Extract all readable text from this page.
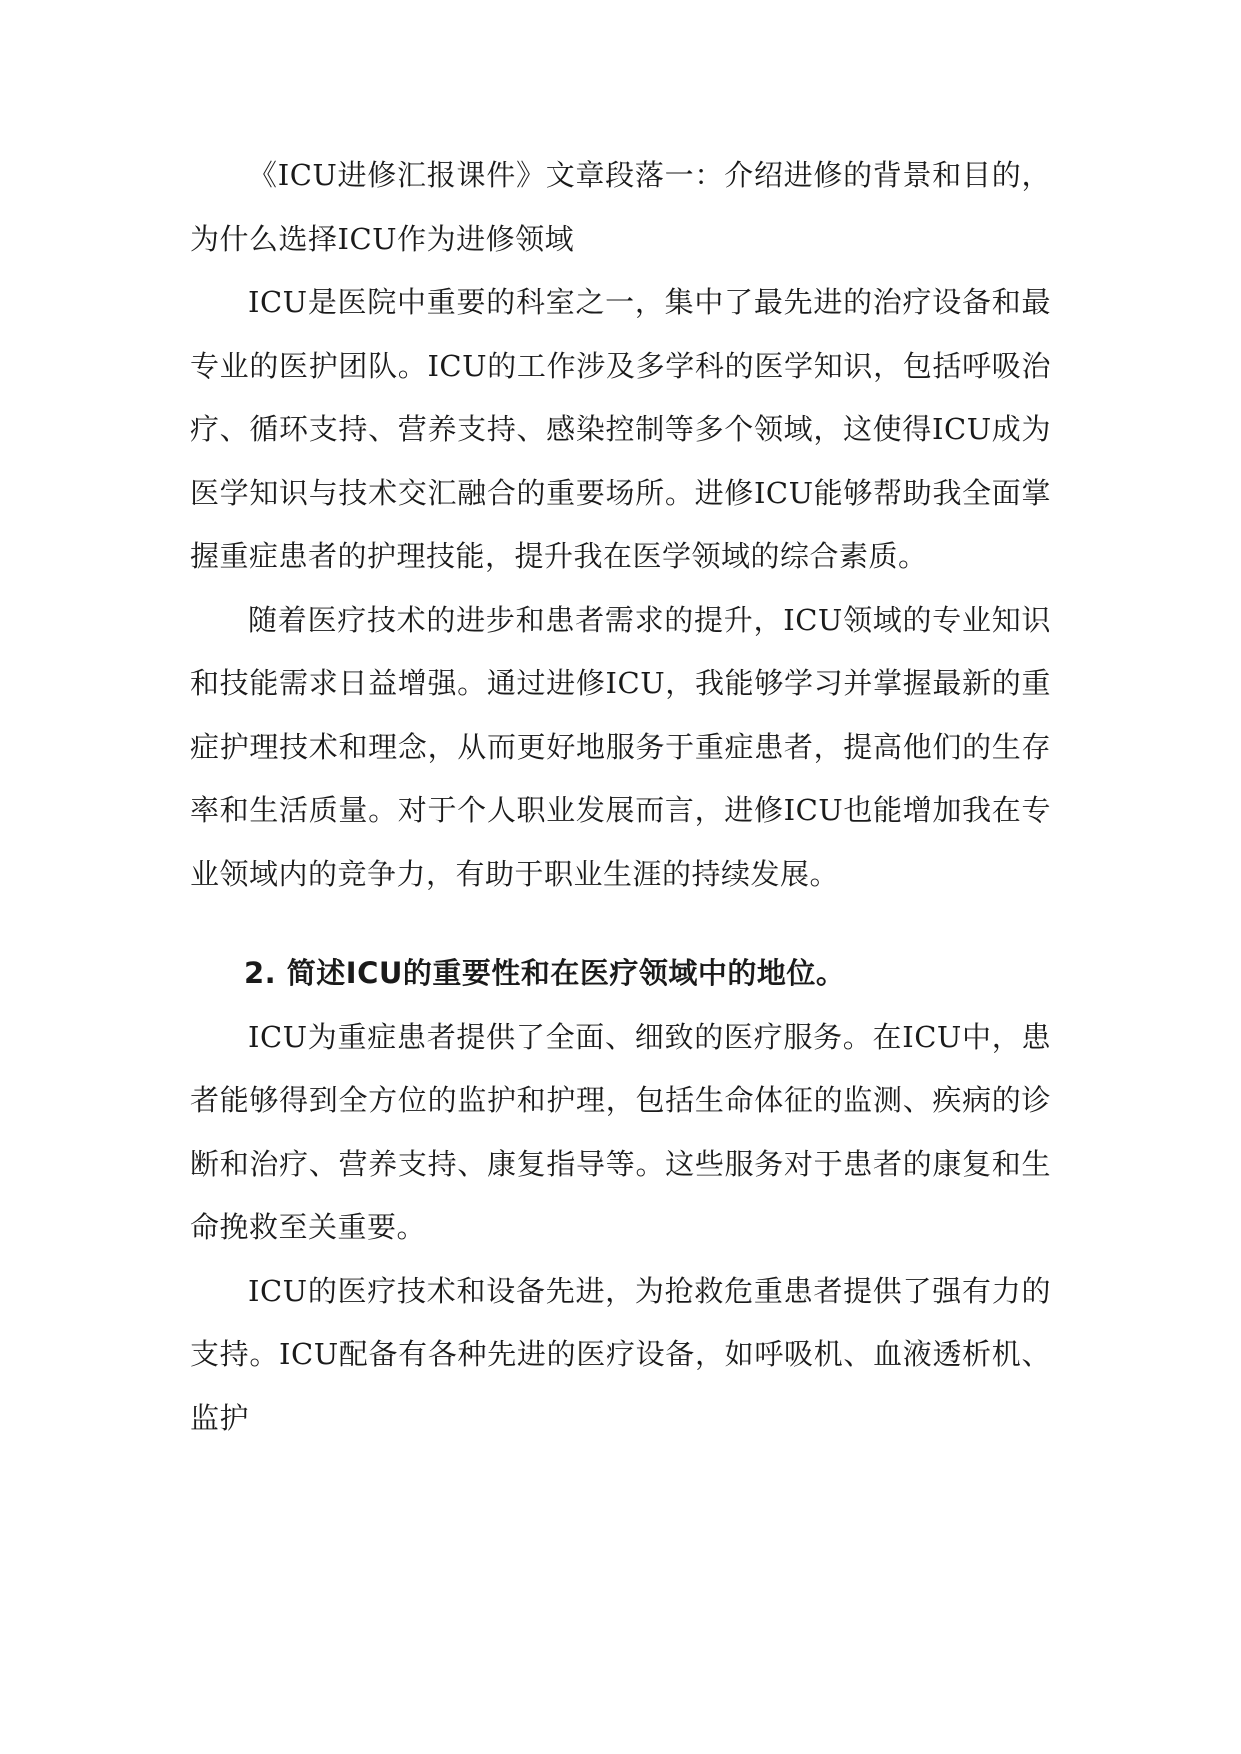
《ICU进修汇报课件》文章段落一：介绍进修的背景和目的，为什么选择ICU作为进修领域

ICU是医院中重要的科室之一，集中了最先进的治疗设备和最专业的医护团队。ICU的工作涉及多学科的医学知识，包括呼吸治疗、循环支持、营养支持、感染控制等多个领域，这使得ICU成为医学知识与技术交汇融合的重要场所。进修ICU能够帮助我全面掌握重症患者的护理技能，提升我在医学领域的综合素质。

随着医疗技术的进步和患者需求的提升，ICU领域的专业知识和技能需求日益增强。通过进修ICU，我能够学习并掌握最新的重症护理技术和理念，从而更好地服务于重症患者，提高他们的生存率和生活质量。对于个人职业发展而言，进修ICU也能增加我在专业领域内的竞争力，有助于职业生涯的持续发展。

2. 简述ICU的重要性和在医疗领域中的地位。

ICU为重症患者提供了全面、细致的医疗服务。在ICU中，患者能够得到全方位的监护和护理，包括生命体征的监测、疾病的诊断和治疗、营养支持、康复指导等。这些服务对于患者的康复和生命挽救至关重要。

ICU的医疗技术和设备先进，为抢救危重患者提供了强有力的支持。ICU配备有各种先进的医疗设备，如呼吸机、血液透析机、监护
